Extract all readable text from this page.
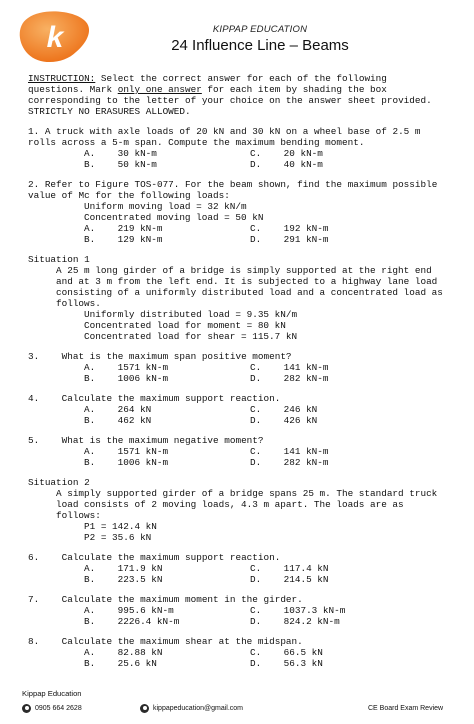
k	KIPPAP EDUCATION
24 Influence Line – Beams
INSTRUCTION: Select the correct answer for each of the following
questions. Mark only one answer for each item by shading the box
corresponding to the letter of your choice on the answer sheet provided.
STRICTLY NO ERASURES ALLOWED.
1. A truck with axle loads of 20 kN and 30 kN on a wheel base of 2.5 m
rolls across a 5-m span. Compute the maximum bending moment.
A.    30 kN-m	C.    20 kN-m
B.    50 kN-m	D.    40 kN-m
2. Refer to Figure TOS-077. For the beam shown, find the maximum possible
value of Mc for the following loads:
Uniform moving load = 32 kN/m
Concentrated moving load = 50 kN
A.    219 kN-m	C.    192 kN-m
B.    129 kN-m	D.    291 kN-m
Situation 1
A 25 m long girder of a bridge is simply supported at the right end
and at 3 m from the left end. It is subjected to a highway lane load
consisting of a uniformly distributed load and a concentrated load as
follows.
Uniformly distributed load = 9.35 kN/m
Concentrated load for moment = 80 kN
Concentrated load for shear = 115.7 kN
3.    What is the maximum span positive moment?
A.    1571 kN-m	C.    141 kN-m
B.    1006 kN-m	D.    282 kN-m
4.    Calculate the maximum support reaction.
A.    264 kN	C.    246 kN
B.    462 kN	D.    426 kN
5.    What is the maximum negative moment?
A.    1571 kN-m	C.    141 kN-m
B.    1006 kN-m	D.    282 kN-m
Situation 2
A simply supported girder of a bridge spans 25 m. The standard truck
load consists of 2 moving loads, 4.3 m apart. The loads are as
follows:
P1 = 142.4 kN
P2 = 35.6 kN
6.    Calculate the maximum support reaction.
A.    171.9 kN	C.    117.4 kN
B.    223.5 kN	D.    214.5 kN
7.    Calculate the maximum moment in the girder.
A.    995.6 kN-m	C.    1037.3 kN-m
B.    2226.4 kN-m	D.    824.2 kN-m
8.    Calculate the maximum shear at the midspan.
A.    82.88 kN	C.    66.5 kN
B.    25.6 kN	D.    56.3 kN
Kippap Education
0905 664 2628	kippapeducation@gmail.com	CE Board Exam Review
